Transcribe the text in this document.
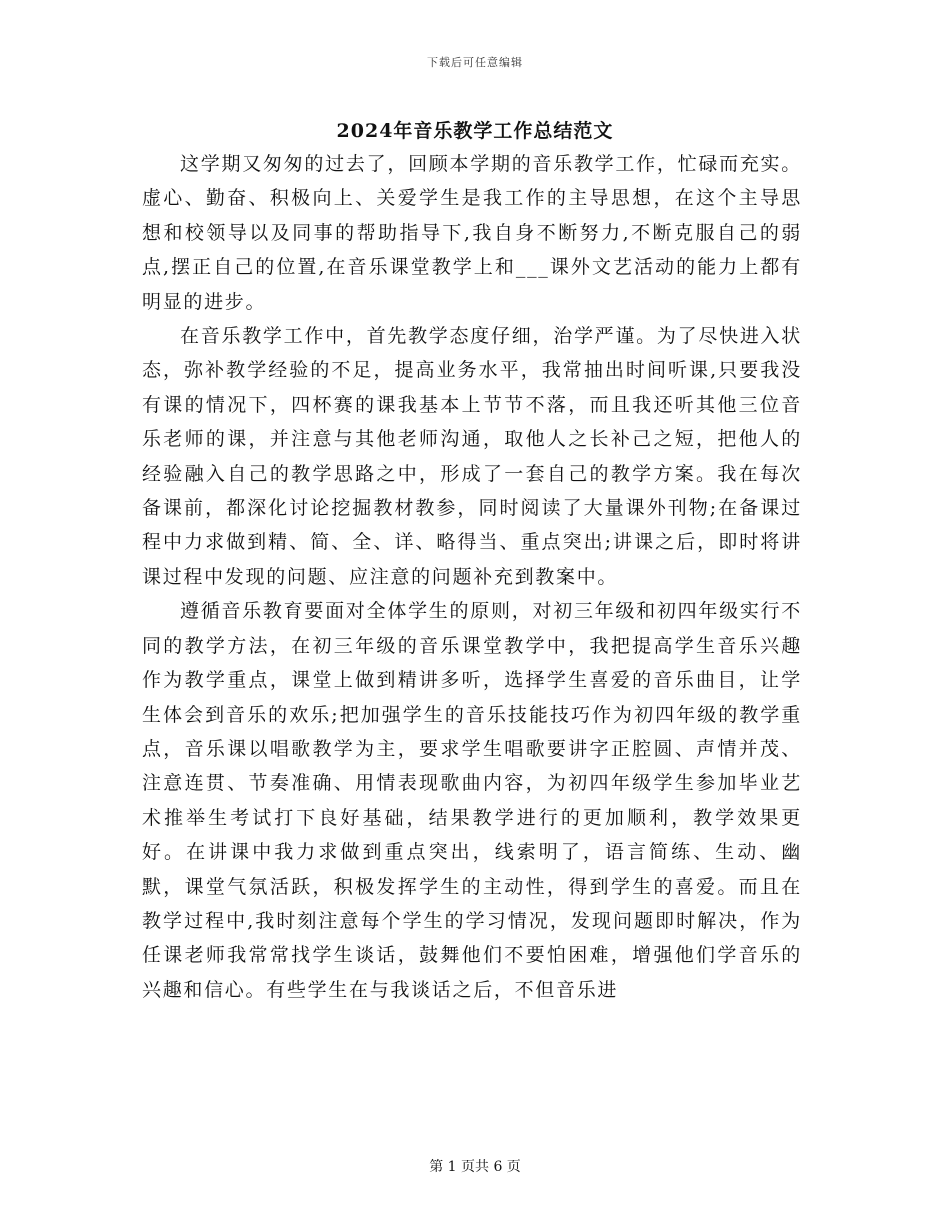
下载后可任意编辑
2024年音乐教学工作总结范文

这学期又匆匆的过去了，回顾本学期的音乐教学工作，忙碌而充实。虚心、勤奋、积极向上、关爱学生是我工作的主导思想，在这个主导思想和校领导以及同事的帮助指导下,我自身不断努力,不断克服自己的弱点,摆正自己的位置,在音乐课堂教学上和___课外文艺活动的能力上都有明显的进步。

在音乐教学工作中，首先教学态度仔细，治学严谨。为了尽快进入状态，弥补教学经验的不足，提高业务水平，我常抽出时间听课,只要我没有课的情况下，四杯赛的课我基本上节节不落，而且我还听其他三位音乐老师的课，并注意与其他老师沟通，取他人之长补己之短，把他人的经验融入自己的教学思路之中，形成了一套自己的教学方案。我在每次备课前，都深化讨论挖掘教材教参，同时阅读了大量课外刊物;在备课过程中力求做到精、简、全、详、略得当、重点突出;讲课之后，即时将讲课过程中发现的问题、应注意的问题补充到教案中。

遵循音乐教育要面对全体学生的原则，对初三年级和初四年级实行不同的教学方法，在初三年级的音乐课堂教学中，我把提高学生音乐兴趣作为教学重点，课堂上做到精讲多听，选择学生喜爱的音乐曲目，让学生体会到音乐的欢乐;把加强学生的音乐技能技巧作为初四年级的教学重点，音乐课以唱歌教学为主，要求学生唱歌要讲字正腔圆、声情并茂、注意连贯、节奏准确、用情表现歌曲内容，为初四年级学生参加毕业艺术推举生考试打下良好基础，结果教学进行的更加顺利，教学效果更好。在讲课中我力求做到重点突出，线索明了，语言简练、生动、幽默，课堂气氛活跃，积极发挥学生的主动性，得到学生的喜爱。而且在教学过程中,我时刻注意每个学生的学习情况，发现问题即时解决，作为任课老师我常常找学生谈话，鼓舞他们不要怕困难，增强他们学音乐的兴趣和信心。有些学生在与我谈话之后，不但音乐进

第 1 页共 6 页
